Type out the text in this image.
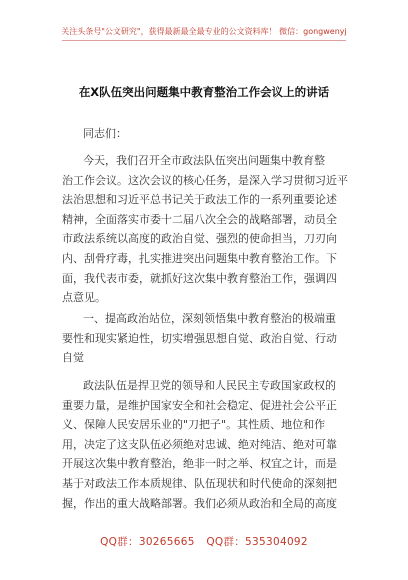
关注头条号"公文研究"，获得最新最全最专业的公文资料库！ 微信：gongwenyj
在X队伍突出问题集中教育整治工作会议上的讲话
同志们：
今天，我们召开全市政法队伍突出问题集中教育整
治工作会议。这次会议的核心任务，是深入学习贯彻习近平
法治思想和习近平总书记关于政法工作的一系列重要论述
精神，全面落实市委十二届八次全会的战略部署，动员全
市政法系统以高度的政治自觉、强烈的使命担当，刀刃向
内、刮骨疗毒，扎实推进突出问题集中教育整治工作。下
面，我代表市委，就抓好这次集中教育整治工作，强调四
点意见。
一、提高政治站位，深刻领悟集中教育整治的极端重
要性和现实紧迫性，切实增强思想自觉、政治自觉、行动
自觉
政法队伍是捍卫党的领导和人民民主专政国家政权的
重要力量，是维护国家安全和社会稳定、促进社会公平正
义、保障人民安居乐业的"刀把子"。其性质、地位和作
用，决定了这支队伍必须绝对忠诚、绝对纯洁、绝对可靠
开展这次集中教育整治，绝非一时之举、权宜之计，而是
基于对政法工作本质规律、队伍现状和时代使命的深刻把
握，作出的重大战略部署。我们必须从政治和全局的高度
QQ群：30265665 QQ群：535304092
